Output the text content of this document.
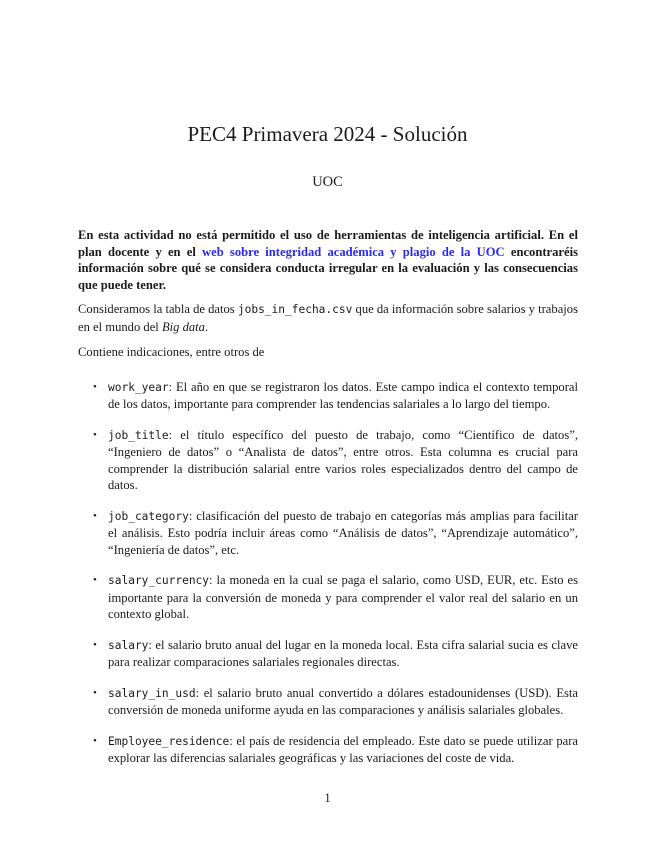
PEC4 Primavera 2024 - Solución
UOC

En esta actividad no está permitido el uso de herramientas de inteligencia artificial. En el plan docente y en el web sobre integridad académica y plagio de la UOC encontraréis información sobre qué se considera conducta irregular en la evaluación y las consecuencias que puede tener.

Consideramos la tabla de datos jobs_in_fecha.csv que da información sobre salarios y trabajos en el mundo del Big data.

Contiene indicaciones, entre otros de

• work_year: El año en que se registraron los datos. Este campo indica el contexto temporal de los datos, importante para comprender las tendencias salariales a lo largo del tiempo.
• job_title: el título específico del puesto de trabajo, como “Científico de datos”, “Ingeniero de datos” o “Analista de datos”, entre otros. Esta columna es crucial para comprender la distribución salarial entre varios roles especializados dentro del campo de datos.
• job_category: clasificación del puesto de trabajo en categorías más amplias para facilitar el análisis. Esto podría incluir áreas como “Análisis de datos”, “Aprendizaje automático”, “Ingeniería de datos”, etc.
• salary_currency: la moneda en la cual se paga el salario, como USD, EUR, etc. Esto es importante para la conversión de moneda y para comprender el valor real del salario en un contexto global.
• salary: el salario bruto anual del lugar en la moneda local. Esta cifra salarial sucia es clave para realizar comparaciones salariales regionales directas.
• salary_in_usd: el salario bruto anual convertido a dólares estadounidenses (USD). Esta conversión de moneda uniforme ayuda en las comparaciones y análisis salariales globales.
• Employee_residence: el país de residencia del empleado. Este dato se puede utilizar para explorar las diferencias salariales geográficas y las variaciones del coste de vida.
1
